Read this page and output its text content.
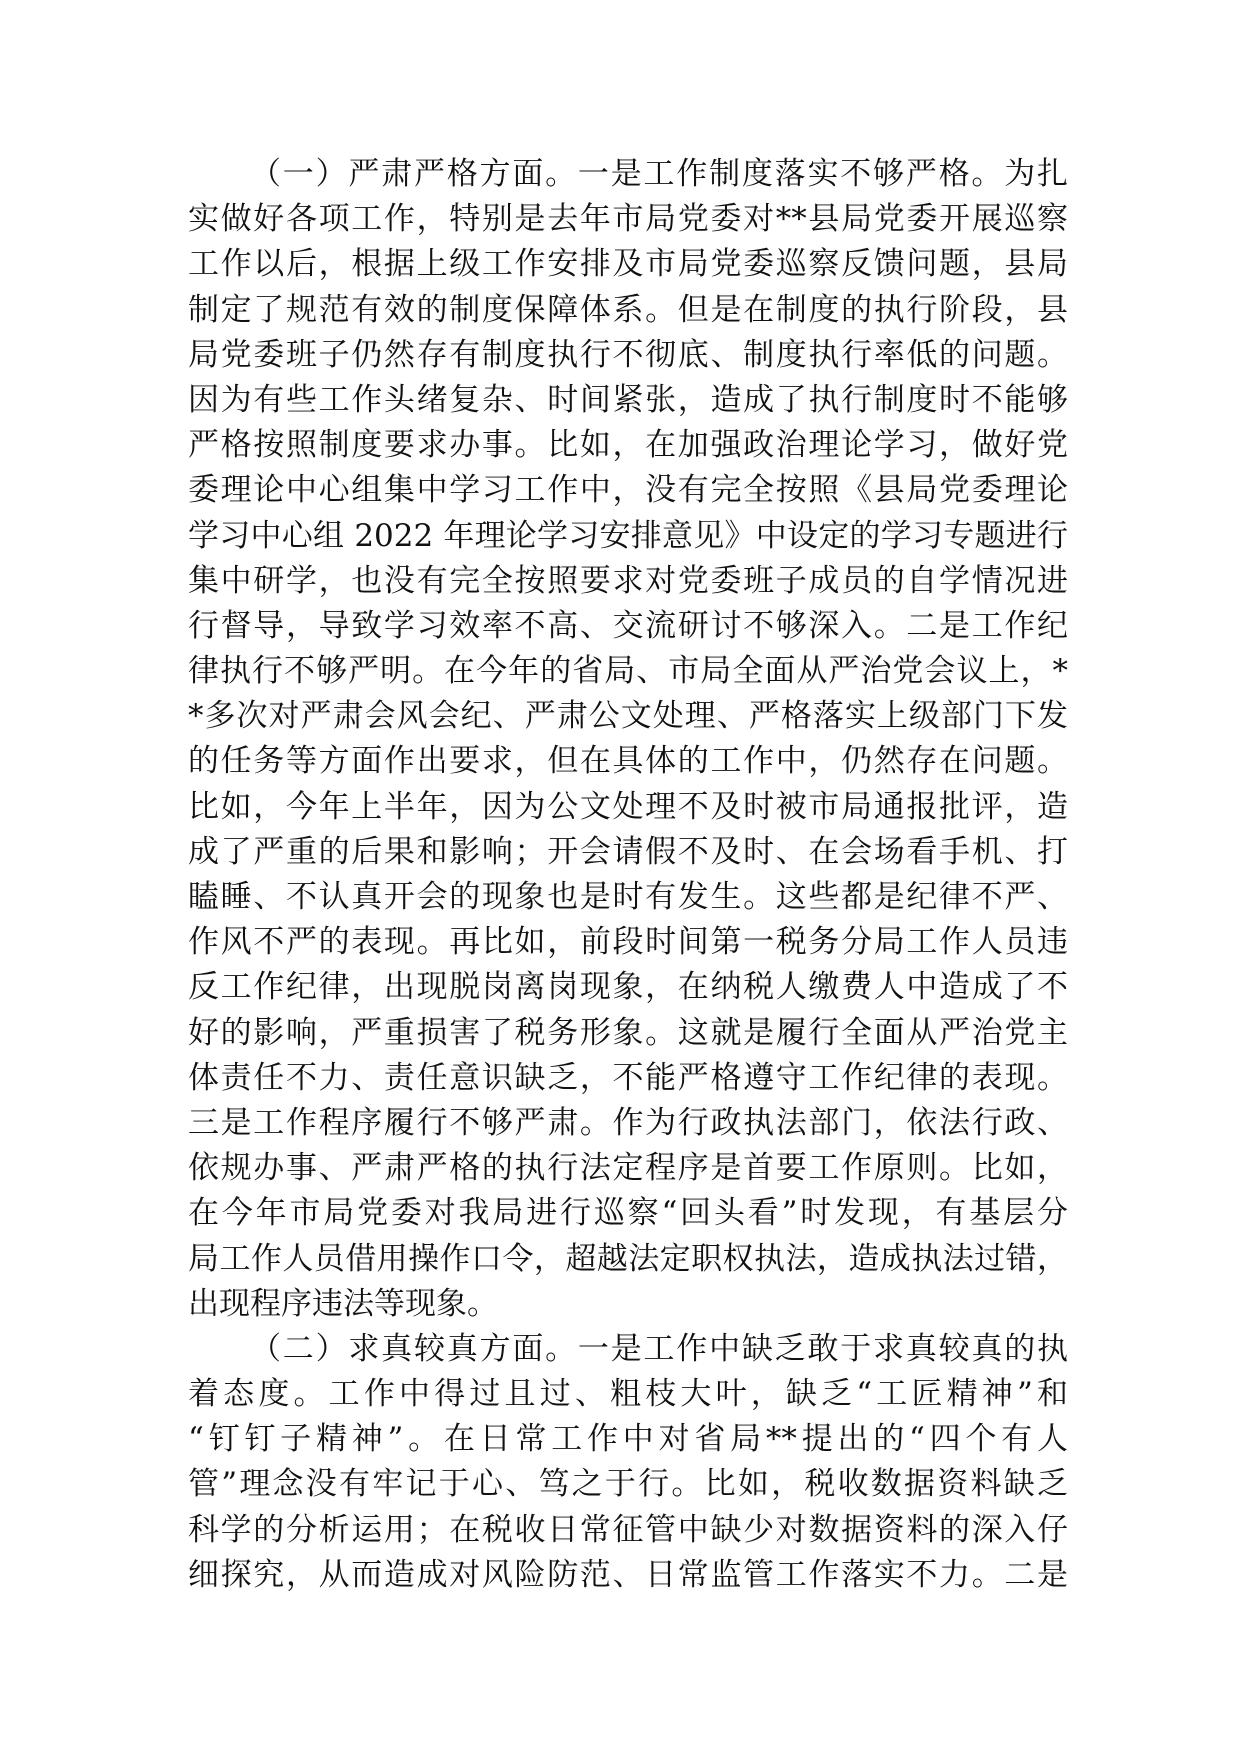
（一）严肃严格方面。一是工作制度落实不够严格。为扎
实做好各项工作，特别是去年市局党委对**县局党委开展巡察
工作以后，根据上级工作安排及市局党委巡察反馈问题，县局
制定了规范有效的制度保障体系。但是在制度的执行阶段，县
局党委班子仍然存有制度执行不彻底、制度执行率低的问题。
因为有些工作头绪复杂、时间紧张，造成了执行制度时不能够
严格按照制度要求办事。比如，在加强政治理论学习，做好党
委理论中心组集中学习工作中，没有完全按照《县局党委理论
学习中心组 2022 年理论学习安排意见》中设定的学习专题进行
集中研学，也没有完全按照要求对党委班子成员的自学情况进
行督导，导致学习效率不高、交流研讨不够深入。二是工作纪
律执行不够严明。在今年的省局、市局全面从严治党会议上，*
*多次对严肃会风会纪、严肃公文处理、严格落实上级部门下发
的任务等方面作出要求，但在具体的工作中，仍然存在问题。
比如，今年上半年，因为公文处理不及时被市局通报批评，造
成了严重的后果和影响；开会请假不及时、在会场看手机、打
瞌睡、不认真开会的现象也是时有发生。这些都是纪律不严、
作风不严的表现。再比如，前段时间第一税务分局工作人员违
反工作纪律，出现脱岗离岗现象，在纳税人缴费人中造成了不
好的影响，严重损害了税务形象。这就是履行全面从严治党主
体责任不力、责任意识缺乏，不能严格遵守工作纪律的表现。
三是工作程序履行不够严肃。作为行政执法部门，依法行政、
依规办事、严肃严格的执行法定程序是首要工作原则。比如，
在今年市局党委对我局进行巡察“回头看”时发现，有基层分
局工作人员借用操作口令，超越法定职权执法，造成执法过错，
出现程序违法等现象。
（二）求真较真方面。一是工作中缺乏敢于求真较真的执
着态度。工作中得过且过、粗枝大叶，缺乏“工匠精神”和
“钉钉子精神”。在日常工作中对省局**提出的“四个有人
管”理念没有牢记于心、笃之于行。比如，税收数据资料缺乏
科学的分析运用；在税收日常征管中缺少对数据资料的深入仔
细探究，从而造成对风险防范、日常监管工作落实不力。二是
